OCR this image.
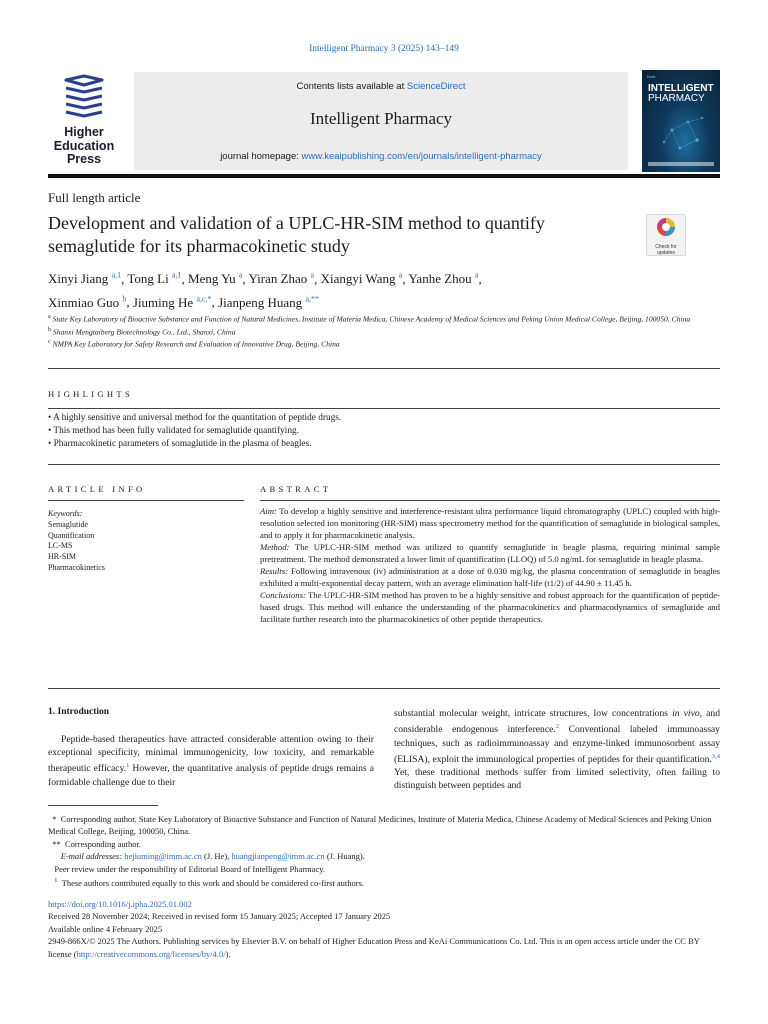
Intelligent Pharmacy 3 (2025) 143–149
Higher
Education
Press
Contents lists available at ScienceDirect
Intelligent Pharmacy
journal homepage: www.keaipublishing.com/en/journals/intelligent-pharmacy
KeAi
INTELLIGENT
PHARMACY
Full length article
Development and validation of a UPLC-HR-SIM method to quantify semaglutide for its pharmacokinetic study	Check for updates
Xinyi Jiang $^{a,1}$, Tong Li $^{a,1}$, Meng Yu $^a$, Yiran Zhao $^a$, Xiangyi Wang $^a$, Yanhe Zhou $^a$,
Xinmiao Guo $^b$, Jiuming He $^{a,c,*}$, Jianpeng Huang $^{a,**}$
$^a$ State Key Laboratory of Bioactive Substance and Function of Natural Medicines, Institute of Materia Medica, Chinese Academy of Medical Sciences and Peking Union Medical College, Beijing, 100050, China
$^b$ Shanxi Mengtaiberg Biotechnology Co., Ltd., Shanxi, China
$^c$ NMPA Key Laboratory for Safety Research and Evaluation of Innovative Drug, Beijing, China
HIGHLIGHTS
• A highly sensitive and universal method for the quantitation of peptide drugs.
• This method has been fully validated for semaglutide quantifying.
• Pharmacokinetic parameters of somaglutide in the plasma of beagles.
ARTICLE INFO	ABSTRACT
Keywords:
Semaglutide
Quantification
LC-MS
HR-SIM
Pharmacokinetics

Aim: To develop a highly sensitive and interference-resistant ultra performance liquid chromatography (UPLC) coupled with high-resolution selected ion monitoring (HR-SIM) mass spectrometry method for the quantification of semaglutide in biological samples, and to apply it for pharmacokinetic analysis.

Method: The UPLC-HR-SIM method was utilized to quantify semaglutide in beagle plasma, requiring minimal sample pretreatment. The method demonstrated a lower limit of quantification (LLOQ) of 5.0 ng/mL for semaglutide in beagle plasma.

Results: Following intravenous (iv) administration at a dose of 0.030 mg/kg, the plasma concentration of semaglutide in beagles exhibited a multi-exponential decay pattern, with an average elimination half-life (t1/2) of 44.90 ± 11.45 h.

Conclusions: The UPLC-HR-SIM method has proven to be a highly sensitive and robust approach for the quantification of peptide-based drugs. This method will enhance the understanding of the pharmacokinetics and pharmacodynamics of semaglutide and facilitate further research into the pharmacokinetics of other peptide therapeutics.

1. Introduction
Peptide-based therapeutics have attracted considerable attention owing to their exceptional specificity, minimal immunogenicity, low toxicity, and remarkable therapeutic efficacy.$^1$ However, the quantitative analysis of peptide drugs remains a formidable challenge due to their
substantial molecular weight, intricate structures, low concentrations in vivo, and considerable endogenous interference.$^2$ Conventional labeled immunoassay techniques, such as radioimmunoassay and enzyme-linked immunosorbent assay (ELISA), exploit the immunological properties of peptides for their quantification.$^{3,4}$ Yet, these traditional methods suffer from limited selectivity, often failing to distinguish between peptides and

*  Corresponding author. State Key Laboratory of Bioactive Substance and Function of Natural Medicines, Institute of Materia Medica, Chinese Academy of Medical Sciences and Peking Union Medical College, Beijing, 100050, China.

**  Corresponding author.

E-mail addresses: hejiuming@imm.ac.cn (J. He), huangjianpeng@imm.ac.cn (J. Huang).

Peer review under the responsibility of Editorial Board of Intelligent Pharmacy.

$^1$ These authors contributed equally to this work and should be considered co-first authors.

https://doi.org/10.1016/j.ipha.2025.01.002

Received 28 November 2024; Received in revised form 15 January 2025; Accepted 17 January 2025

Available online 4 February 2025

2949-866X/© 2025 The Authors. Publishing services by Elsevier B.V. on behalf of Higher Education Press and KeAi Communications Co. Ltd. This is an open access article under the CC BY license (http://creativecommons.org/licenses/by/4.0/).
